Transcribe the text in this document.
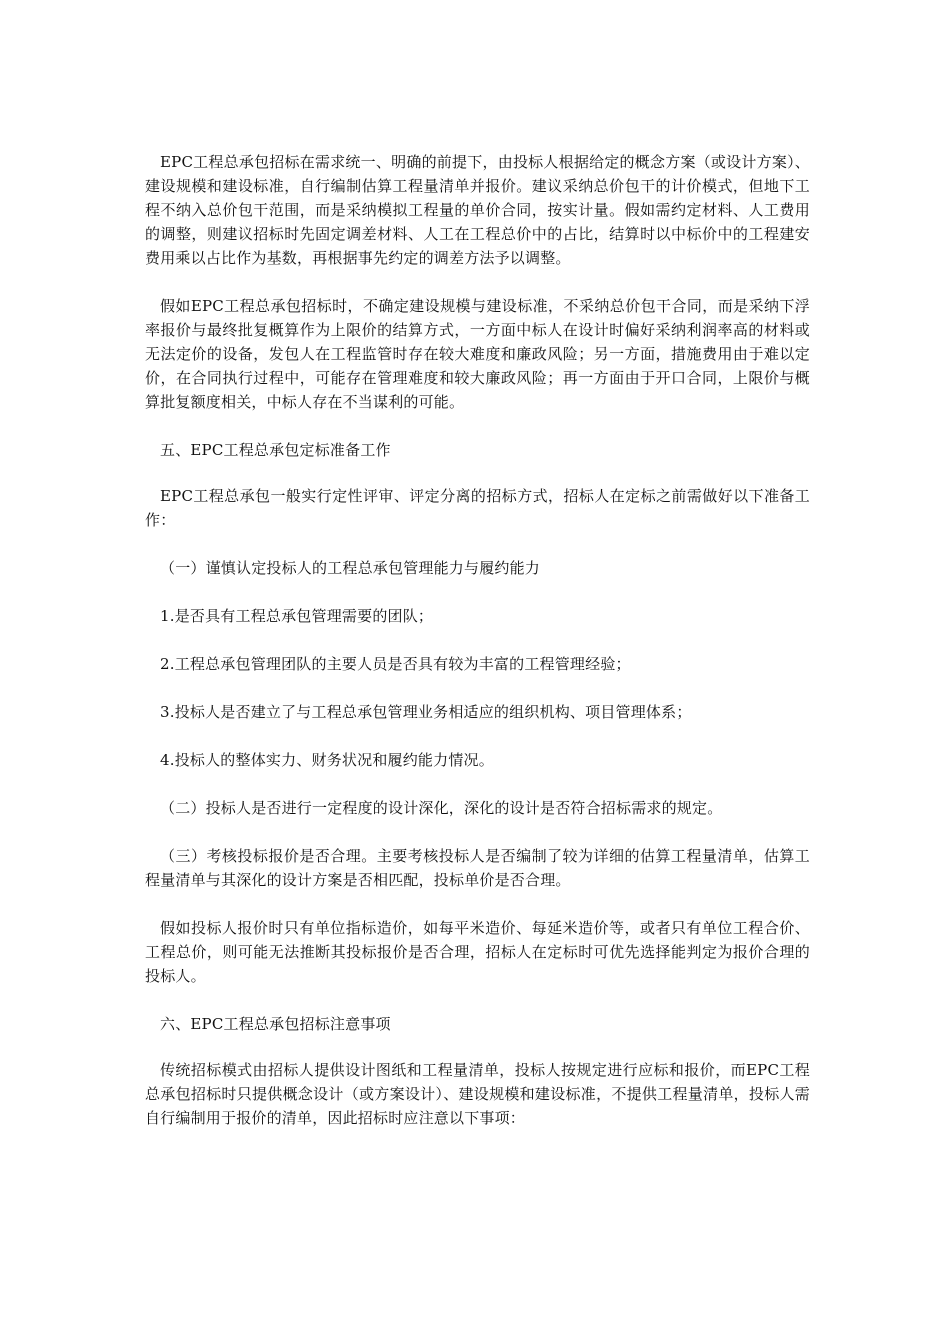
EPC工程总承包招标在需求统一、明确的前提下，由投标人根据给定的概念方案（或设计方案）、建设规模和建设标准，自行编制估算工程量清单并报价。建议采纳总价包干的计价模式，但地下工程不纳入总价包干范围，而是采纳模拟工程量的单价合同，按实计量。假如需约定材料、人工费用的调整，则建议招标时先固定调差材料、人工在工程总价中的占比，结算时以中标价中的工程建安费用乘以占比作为基数，再根据事先约定的调差方法予以调整。

假如EPC工程总承包招标时，不确定建设规模与建设标准，不采纳总价包干合同，而是采纳下浮率报价与最终批复概算作为上限价的结算方式，一方面中标人在设计时偏好采纳利润率高的材料或无法定价的设备，发包人在工程监管时存在较大难度和廉政风险；另一方面，措施费用由于难以定价，在合同执行过程中，可能存在管理难度和较大廉政风险；再一方面由于开口合同，上限价与概算批复额度相关，中标人存在不当谋利的可能。

五、EPC工程总承包定标准备工作

EPC工程总承包一般实行定性评审、评定分离的招标方式，招标人在定标之前需做好以下准备工作：

（一）谨慎认定投标人的工程总承包管理能力与履约能力

1.是否具有工程总承包管理需要的团队；

2.工程总承包管理团队的主要人员是否具有较为丰富的工程管理经验；

3.投标人是否建立了与工程总承包管理业务相适应的组织机构、项目管理体系；

4.投标人的整体实力、财务状况和履约能力情况。

（二）投标人是否进行一定程度的设计深化，深化的设计是否符合招标需求的规定。

（三）考核投标报价是否合理。主要考核投标人是否编制了较为详细的估算工程量清单，估算工程量清单与其深化的设计方案是否相匹配，投标单价是否合理。

假如投标人报价时只有单位指标造价，如每平米造价、每延米造价等，或者只有单位工程合价、工程总价，则可能无法推断其投标报价是否合理，招标人在定标时可优先选择能判定为报价合理的投标人。

六、EPC工程总承包招标注意事项

传统招标模式由招标人提供设计图纸和工程量清单，投标人按规定进行应标和报价，而EPC工程总承包招标时只提供概念设计（或方案设计）、建设规模和建设标准，不提供工程量清单，投标人需自行编制用于报价的清单，因此招标时应注意以下事项：
